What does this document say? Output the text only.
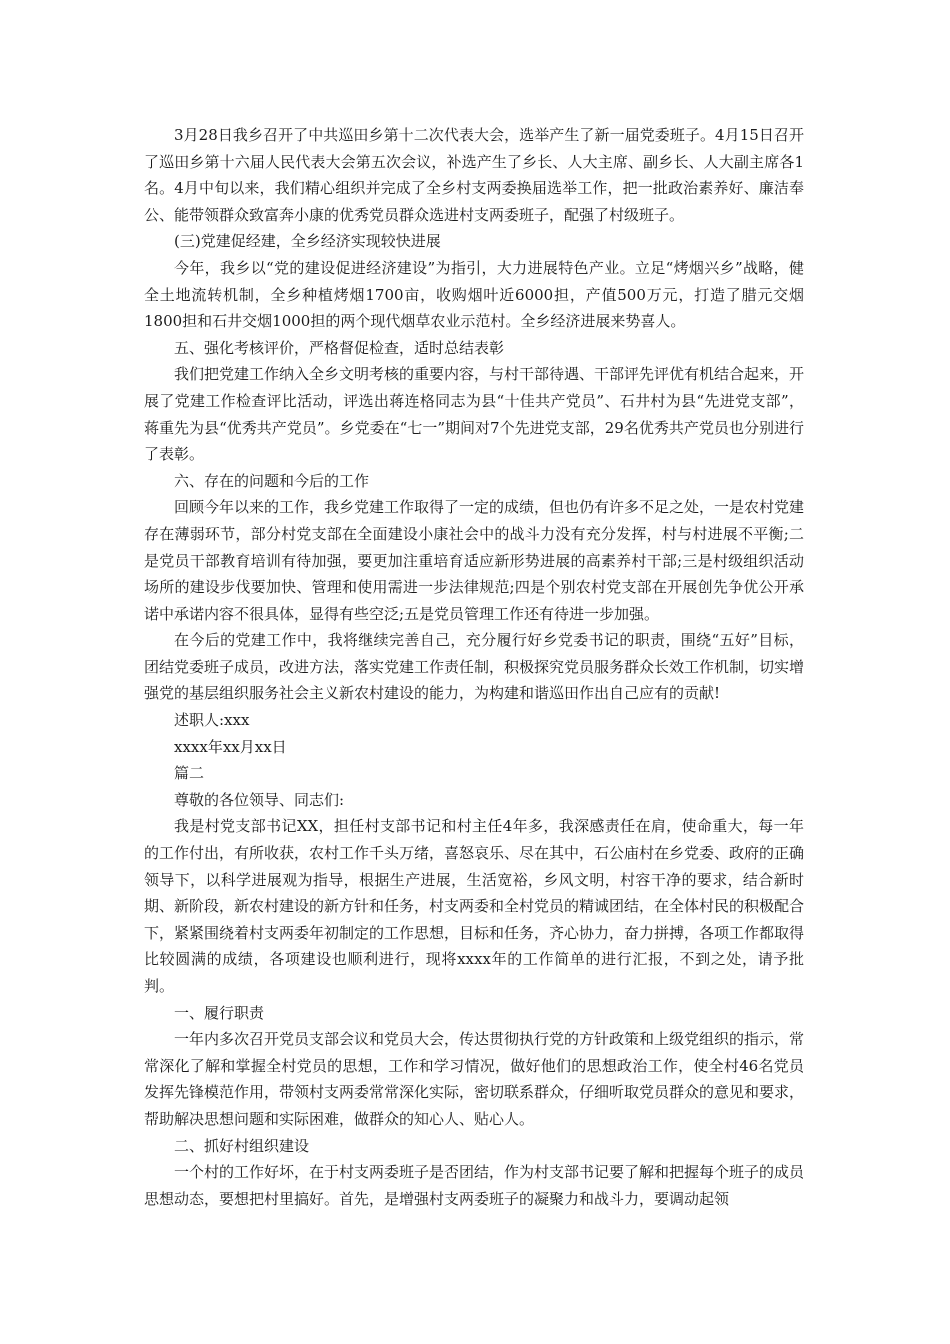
3月28日我乡召开了中共巡田乡第十二次代表大会，选举产生了新一届党委班子。4月15日召开了巡田乡第十六届人民代表大会第五次会议，补选产生了乡长、人大主席、副乡长、人大副主席各1名。4月中旬以来，我们精心组织并完成了全乡村支两委换届选举工作，把一批政治素养好、廉洁奉公、能带领群众致富奔小康的优秀党员群众选进村支两委班子，配强了村级班子。

(三)党建促经建，全乡经济实现较快进展

今年，我乡以“党的建设促进经济建设”为指引，大力进展特色产业。立足“烤烟兴乡”战略，健全土地流转机制，全乡种植烤烟1700亩，收购烟叶近6000担，产值500万元，打造了腊元交烟1800担和石井交烟1000担的两个现代烟草农业示范村。全乡经济进展来势喜人。

五、强化考核评价，严格督促检查，适时总结表彰

我们把党建工作纳入全乡文明考核的重要内容，与村干部待遇、干部评先评优有机结合起来，开展了党建工作检查评比活动，评选出蒋连格同志为县“十佳共产党员”、石井村为县“先进党支部”，蒋重先为县“优秀共产党员”。乡党委在“七一”期间对7个先进党支部，29名优秀共产党员也分别进行了表彰。

六、存在的问题和今后的工作

回顾今年以来的工作，我乡党建工作取得了一定的成绩，但也仍有许多不足之处，一是农村党建存在薄弱环节，部分村党支部在全面建设小康社会中的战斗力没有充分发挥，村与村进展不平衡;二是党员干部教育培训有待加强，要更加注重培育适应新形势进展的高素养村干部;三是村级组织活动场所的建设步伐要加快、管理和使用需进一步法律规范;四是个别农村党支部在开展创先争优公开承诺中承诺内容不很具体，显得有些空泛;五是党员管理工作还有待进一步加强。

在今后的党建工作中，我将继续完善自己，充分履行好乡党委书记的职责，围绕“五好”目标，团结党委班子成员，改进方法，落实党建工作责任制，积极探究党员服务群众长效工作机制，切实增强党的基层组织服务社会主义新农村建设的能力，为构建和谐巡田作出自己应有的贡献!

述职人:xxx

xxxx年xx月xx日

篇二

尊敬的各位领导、同志们:

我是村党支部书记XX，担任村支部书记和村主任4年多，我深感责任在肩，使命重大，每一年的工作付出，有所收获，农村工作千头万绪，喜怒哀乐、尽在其中，石公庙村在乡党委、政府的正确领导下，以科学进展观为指导，根据生产进展，生活宽裕，乡风文明，村容干净的要求，结合新时期、新阶段，新农村建设的新方针和任务，村支两委和全村党员的精诚团结，在全体村民的积极配合下，紧紧围绕着村支两委年初制定的工作思想，目标和任务，齐心协力，奋力拼搏，各项工作都取得比较圆满的成绩，各项建设也顺利进行，现将xxxx年的工作简单的进行汇报，不到之处，请予批判。

一、履行职责

一年内多次召开党员支部会议和党员大会，传达贯彻执行党的方针政策和上级党组织的指示，常常深化了解和掌握全村党员的思想，工作和学习情况，做好他们的思想政治工作，使全村46名党员发挥先锋模范作用，带领村支两委常常深化实际，密切联系群众，仔细听取党员群众的意见和要求，帮助解决思想问题和实际困难，做群众的知心人、贴心人。

二、抓好村组织建设

一个村的工作好坏，在于村支两委班子是否团结，作为村支部书记要了解和把握每个班子的成员思想动态，要想把村里搞好。首先，是增强村支两委班子的凝聚力和战斗力，要调动起领
